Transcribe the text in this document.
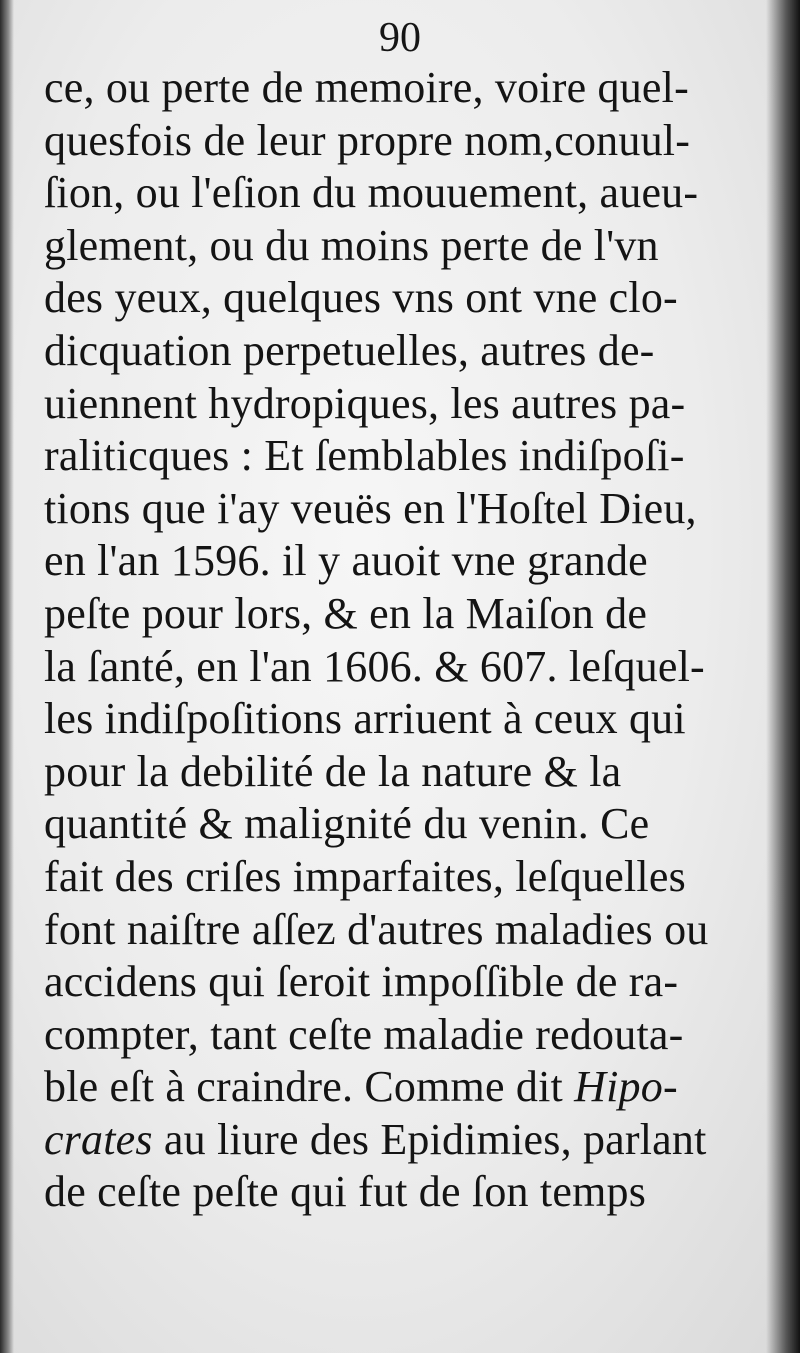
90
ce, ou perte de memoire, voire quel-
quesfois de leur propre nom,conuul-
ſion, ou l'eſion du mouuement, aueu-
glement, ou du moins perte de l'vn
des yeux, quelques vns ont vne clo-
dicquation perpetuelles, autres de-
uiennent hydropiques, les autres pa-
raliticques : Et ſemblables indiſpoſi-
tions que i'ay veuës en l'Hoſtel Dieu,
en l'an 1596. il y auoit vne grande
peſte pour lors, & en la Maiſon de
la ſanté, en l'an 1606. & 607. leſquel-
les indiſpoſitions arriuent à ceux qui
pour la debilité de la nature & la
quantité & malignité du venin. Ce
fait des criſes imparfaites, leſquelles
font naiſtre aſſez d'autres maladies ou
accidens qui ſeroit impoſſible de ra-
compter, tant ceſte maladie redouta-
ble eſt à craindre. Comme dit Hipo-
crates au liure des Epidimies, parlant
de ceſte peſte qui fut de ſon temps
